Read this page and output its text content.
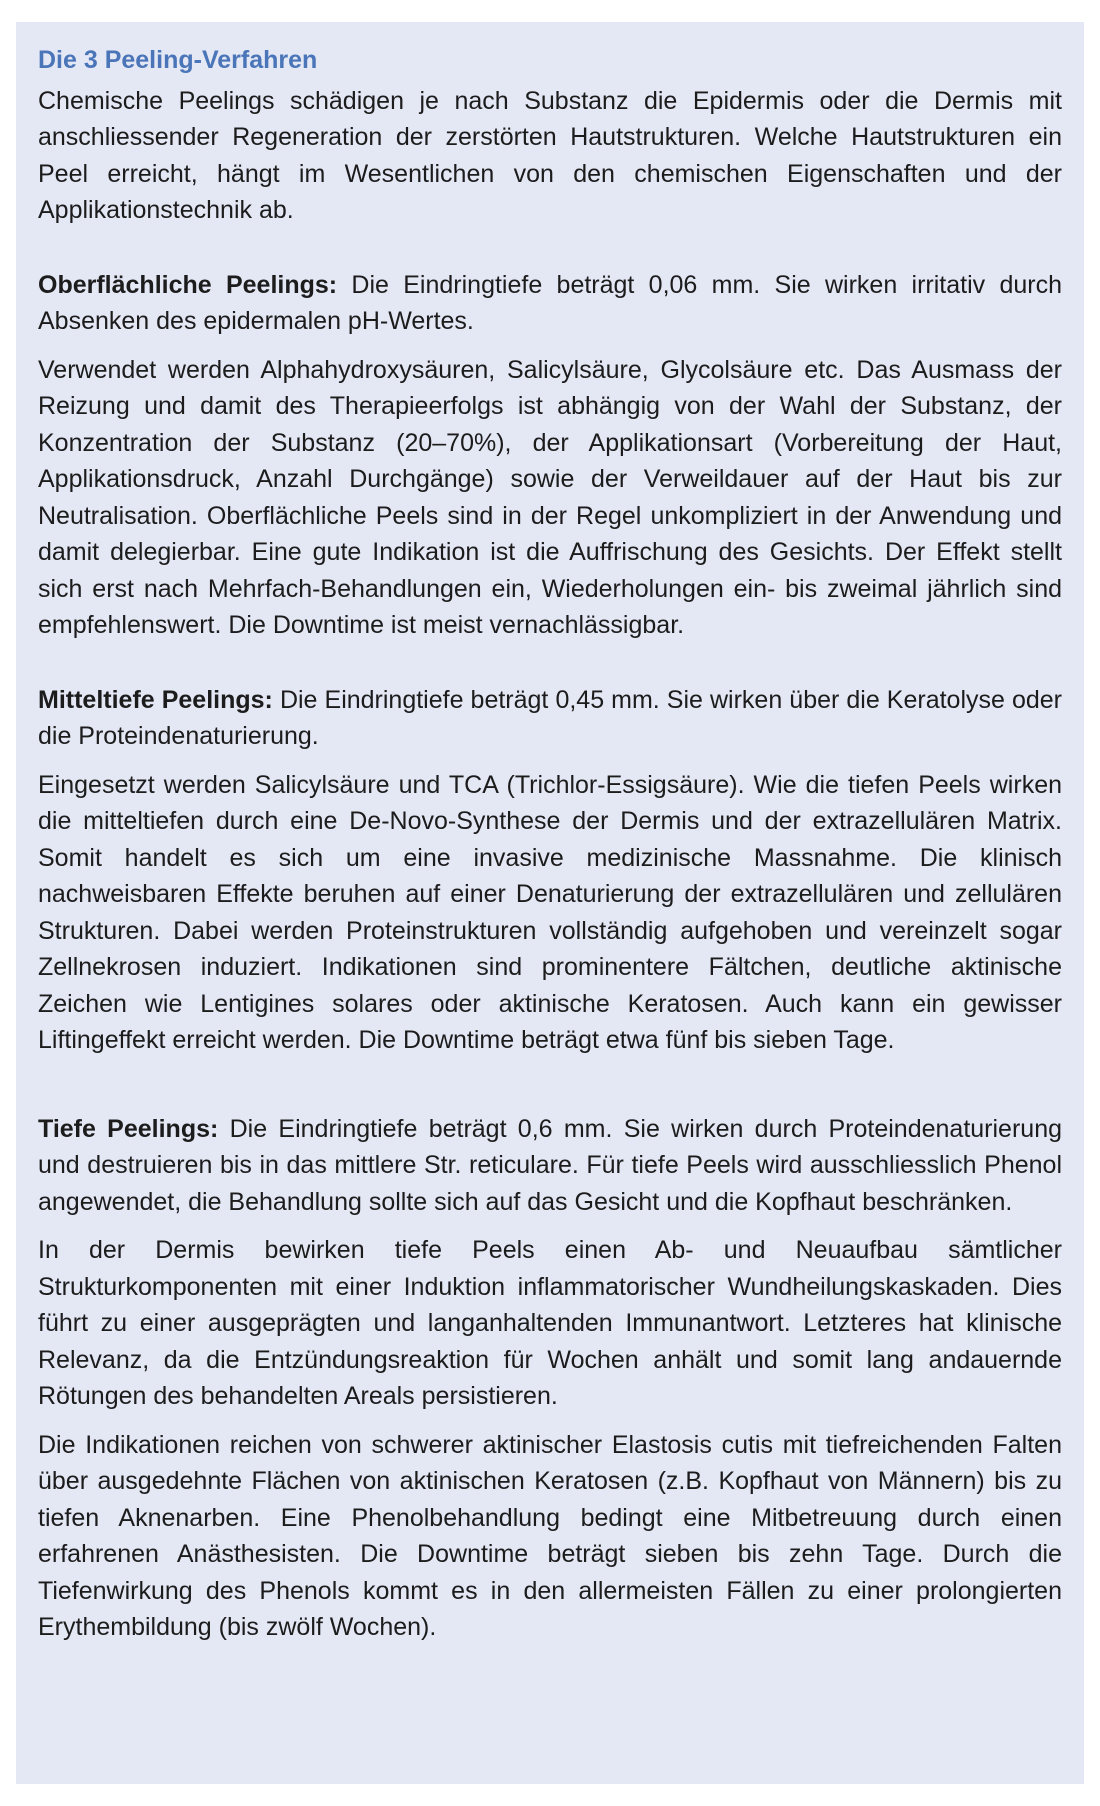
Die 3 Peeling-Verfahren

Chemische Peelings schädigen je nach Substanz die Epidermis oder die Dermis mit anschliessender Regeneration der zerstörten Hautstrukturen. Welche Hautstrukturen ein Peel erreicht, hängt im Wesentlichen von den chemischen Eigenschaften und der Applikationstechnik ab.

Oberflächliche Peelings: Die Eindringtiefe beträgt 0,06 mm. Sie wirken irritativ durch Absenken des epidermalen pH-Wertes.

Verwendet werden Alphahydroxysäuren, Salicylsäure, Glycolsäure etc. Das Ausmass der Reizung und damit des Therapieerfolgs ist abhängig von der Wahl der Substanz, der Konzentration der Substanz (20–70%), der Applikationsart (Vorbereitung der Haut, Applikationsdruck, Anzahl Durchgänge) sowie der Verweildauer auf der Haut bis zur Neutralisation. Oberflächliche Peels sind in der Regel unkompliziert in der Anwendung und damit delegierbar. Eine gute Indikation ist die Auffrischung des Gesichts. Der Effekt stellt sich erst nach Mehrfach-Behandlungen ein, Wiederholungen ein- bis zweimal jährlich sind empfehlenswert. Die Downtime ist meist vernachlässigbar.

Mitteltiefe Peelings: Die Eindringtiefe beträgt 0,45 mm. Sie wirken über die Keratolyse oder die Proteindenaturierung.

Eingesetzt werden Salicylsäure und TCA (Trichlor-Essigsäure). Wie die tiefen Peels wirken die mitteltiefen durch eine De-Novo-Synthese der Dermis und der extrazellulären Matrix. Somit handelt es sich um eine invasive medizinische Massnahme. Die klinisch nachweisbaren Effekte beruhen auf einer Denaturierung der extrazellulären und zellulären Strukturen. Dabei werden Proteinstrukturen vollständig aufgehoben und vereinzelt sogar Zellnekrosen induziert. Indikationen sind prominentere Fältchen, deutliche aktinische Zeichen wie Lentigines solares oder aktinische Keratosen. Auch kann ein gewisser Liftingeffekt erreicht werden. Die Downtime beträgt etwa fünf bis sieben Tage.

Tiefe Peelings: Die Eindringtiefe beträgt 0,6 mm. Sie wirken durch Proteindenaturierung und destruieren bis in das mittlere Str. reticulare. Für tiefe Peels wird ausschliesslich Phenol angewendet, die Behandlung sollte sich auf das Gesicht und die Kopfhaut beschränken.

In der Dermis bewirken tiefe Peels einen Ab- und Neuaufbau sämtlicher Strukturkomponenten mit einer Induktion inflammatorischer Wundheilungskaskaden. Dies führt zu einer ausgeprägten und langanhaltenden Immunantwort. Letzteres hat klinische Relevanz, da die Entzündungsreaktion für Wochen anhält und somit lang andauernde Rötungen des behandelten Areals persistieren.

Die Indikationen reichen von schwerer aktinischer Elastosis cutis mit tiefreichenden Falten über ausgedehnte Flächen von aktinischen Keratosen (z.B. Kopfhaut von Männern) bis zu tiefen Aknenarben. Eine Phenolbehandlung bedingt eine Mitbetreuung durch einen erfahrenen Anästhesisten. Die Downtime beträgt sieben bis zehn Tage. Durch die Tiefenwirkung des Phenols kommt es in den allermeisten Fällen zu einer prolongierten Erythembildung (bis zwölf Wochen).
